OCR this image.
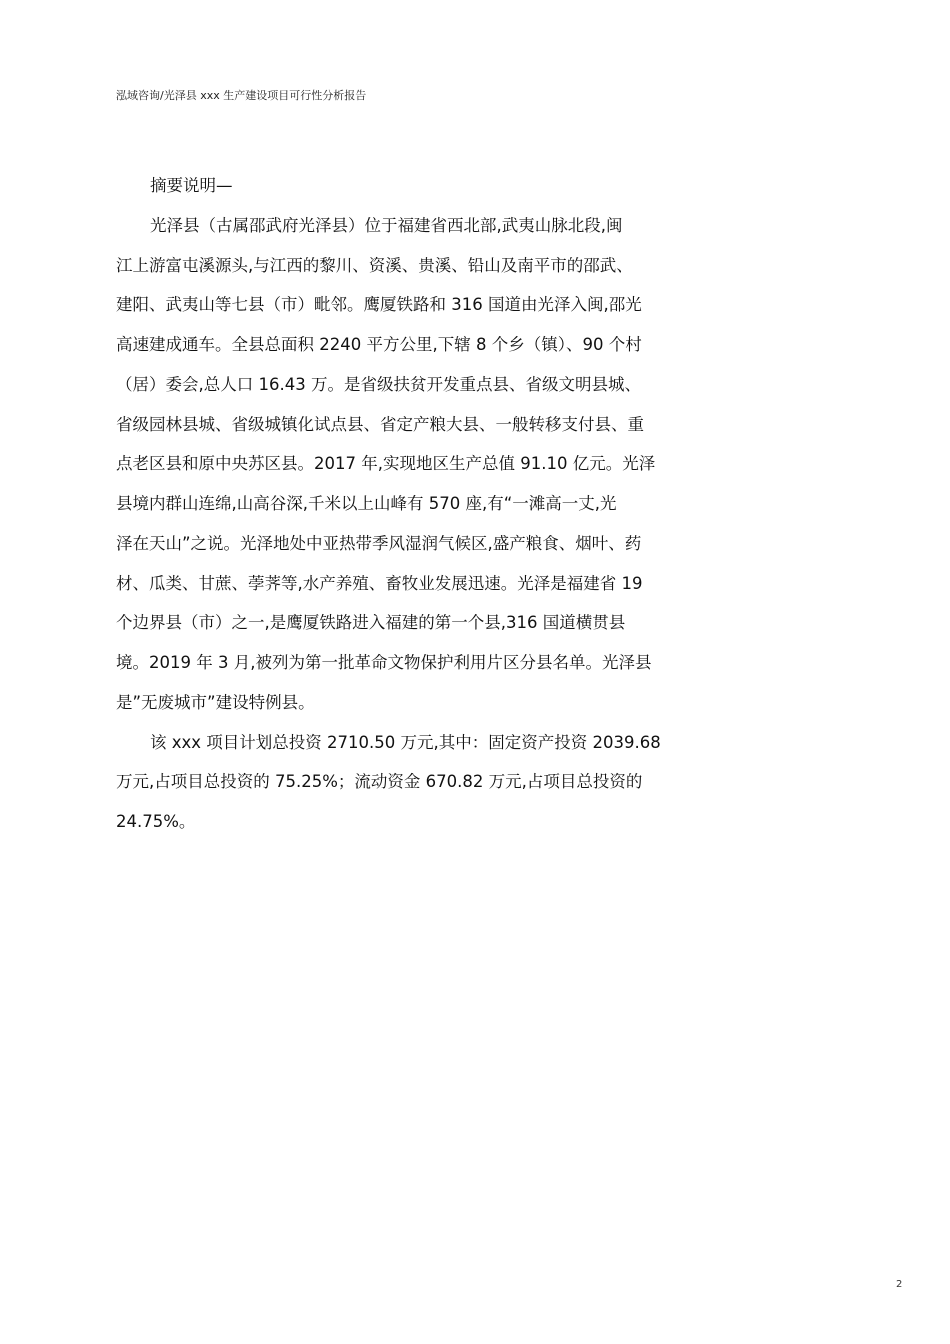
泓域咨询/光泽县 xxx 生产建设项目可行性分析报告
摘要说明—
光泽县（古属邵武府光泽县）位于福建省西北部,武夷山脉北段,闽
江上游富屯溪源头,与江西的黎川、资溪、贵溪、铅山及南平市的邵武、
建阳、武夷山等七县（市）毗邻。鹰厦铁路和 316 国道由光泽入闽,邵光
高速建成通车。全县总面积 2240 平方公里,下辖 8 个乡（镇）、90 个村
（居）委会,总人口 16.43 万。是省级扶贫开发重点县、省级文明县城、
省级园林县城、省级城镇化试点县、省定产粮大县、一般转移支付县、重
点老区县和原中央苏区县。2017 年,实现地区生产总值 91.10 亿元。光泽
县境内群山连绵,山高谷深,千米以上山峰有 570 座,有“一滩高一丈,光
泽在天山”之说。光泽地处中亚热带季风湿润气候区,盛产粮食、烟叶、药
材、瓜类、甘蔗、荸荠等,水产养殖、畜牧业发展迅速。光泽是福建省 19
个边界县（市）之一,是鹰厦铁路进入福建的第一个县,316 国道横贯县
境。2019 年 3 月,被列为第一批革命文物保护利用片区分县名单。光泽县
是”无废城市”建设特例县。
该 xxx 项目计划总投资 2710.50 万元,其中：固定资产投资 2039.68
万元,占项目总投资的 75.25%；流动资金 670.82 万元,占项目总投资的
24.75%。
2
